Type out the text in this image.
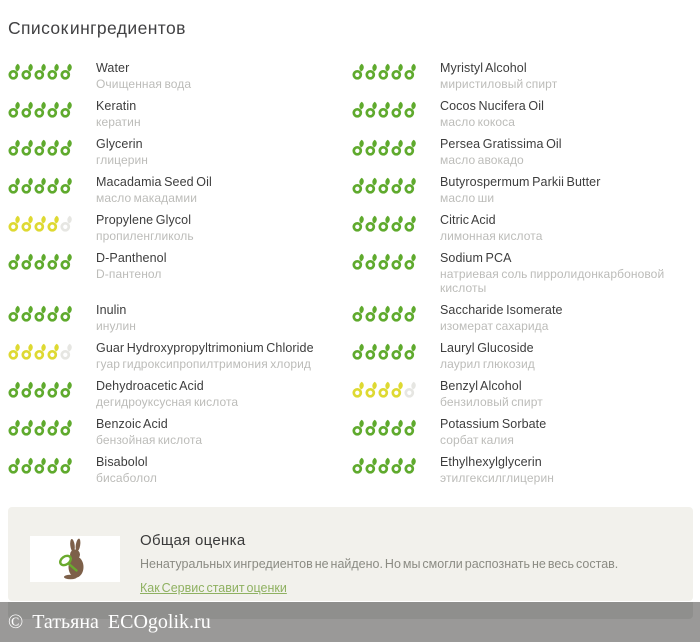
Список ингредиентов
Water
Очищенная вода
Myristyl Alcohol
миристиловый спирт
Keratin
кератин
Cocos Nucifera Oil
масло кокоса
Glycerin
глицерин
Persea Gratissima Oil
масло авокадо
Macadamia Seed Oil
масло макадамии
Butyrospermum Parkii Butter
масло ши
Propylene Glycol
пропиленгликоль
Citric Acid
лимонная кислота
D-Panthenol
D-пантенол
Sodium PCA
натриевая соль пирролидонкарбоновой кислоты
Inulin
инулин
Saccharide Isomerate
изомерат сахарида
Guar Hydroxypropyltrimonium Chloride
гуар гидроксипропилтримония хлорид
Lauryl Glucoside
лаурил глюкозид
Dehydroacetic Acid
дегидроуксусная кислота
Benzyl Alcohol
бензиловый спирт
Benzoic Acid
бензойная кислота
Potassium Sorbate
сорбат калия
Bisabolol
бисаболол
Ethylhexylglycerin
этилгексилглицерин
Общая оценка
Ненатуральных ингредиентов не найдено. Но мы смогли распознать не весь состав.
Как Сервис ставит оценки
© Татьяна ECOgolik.ru
